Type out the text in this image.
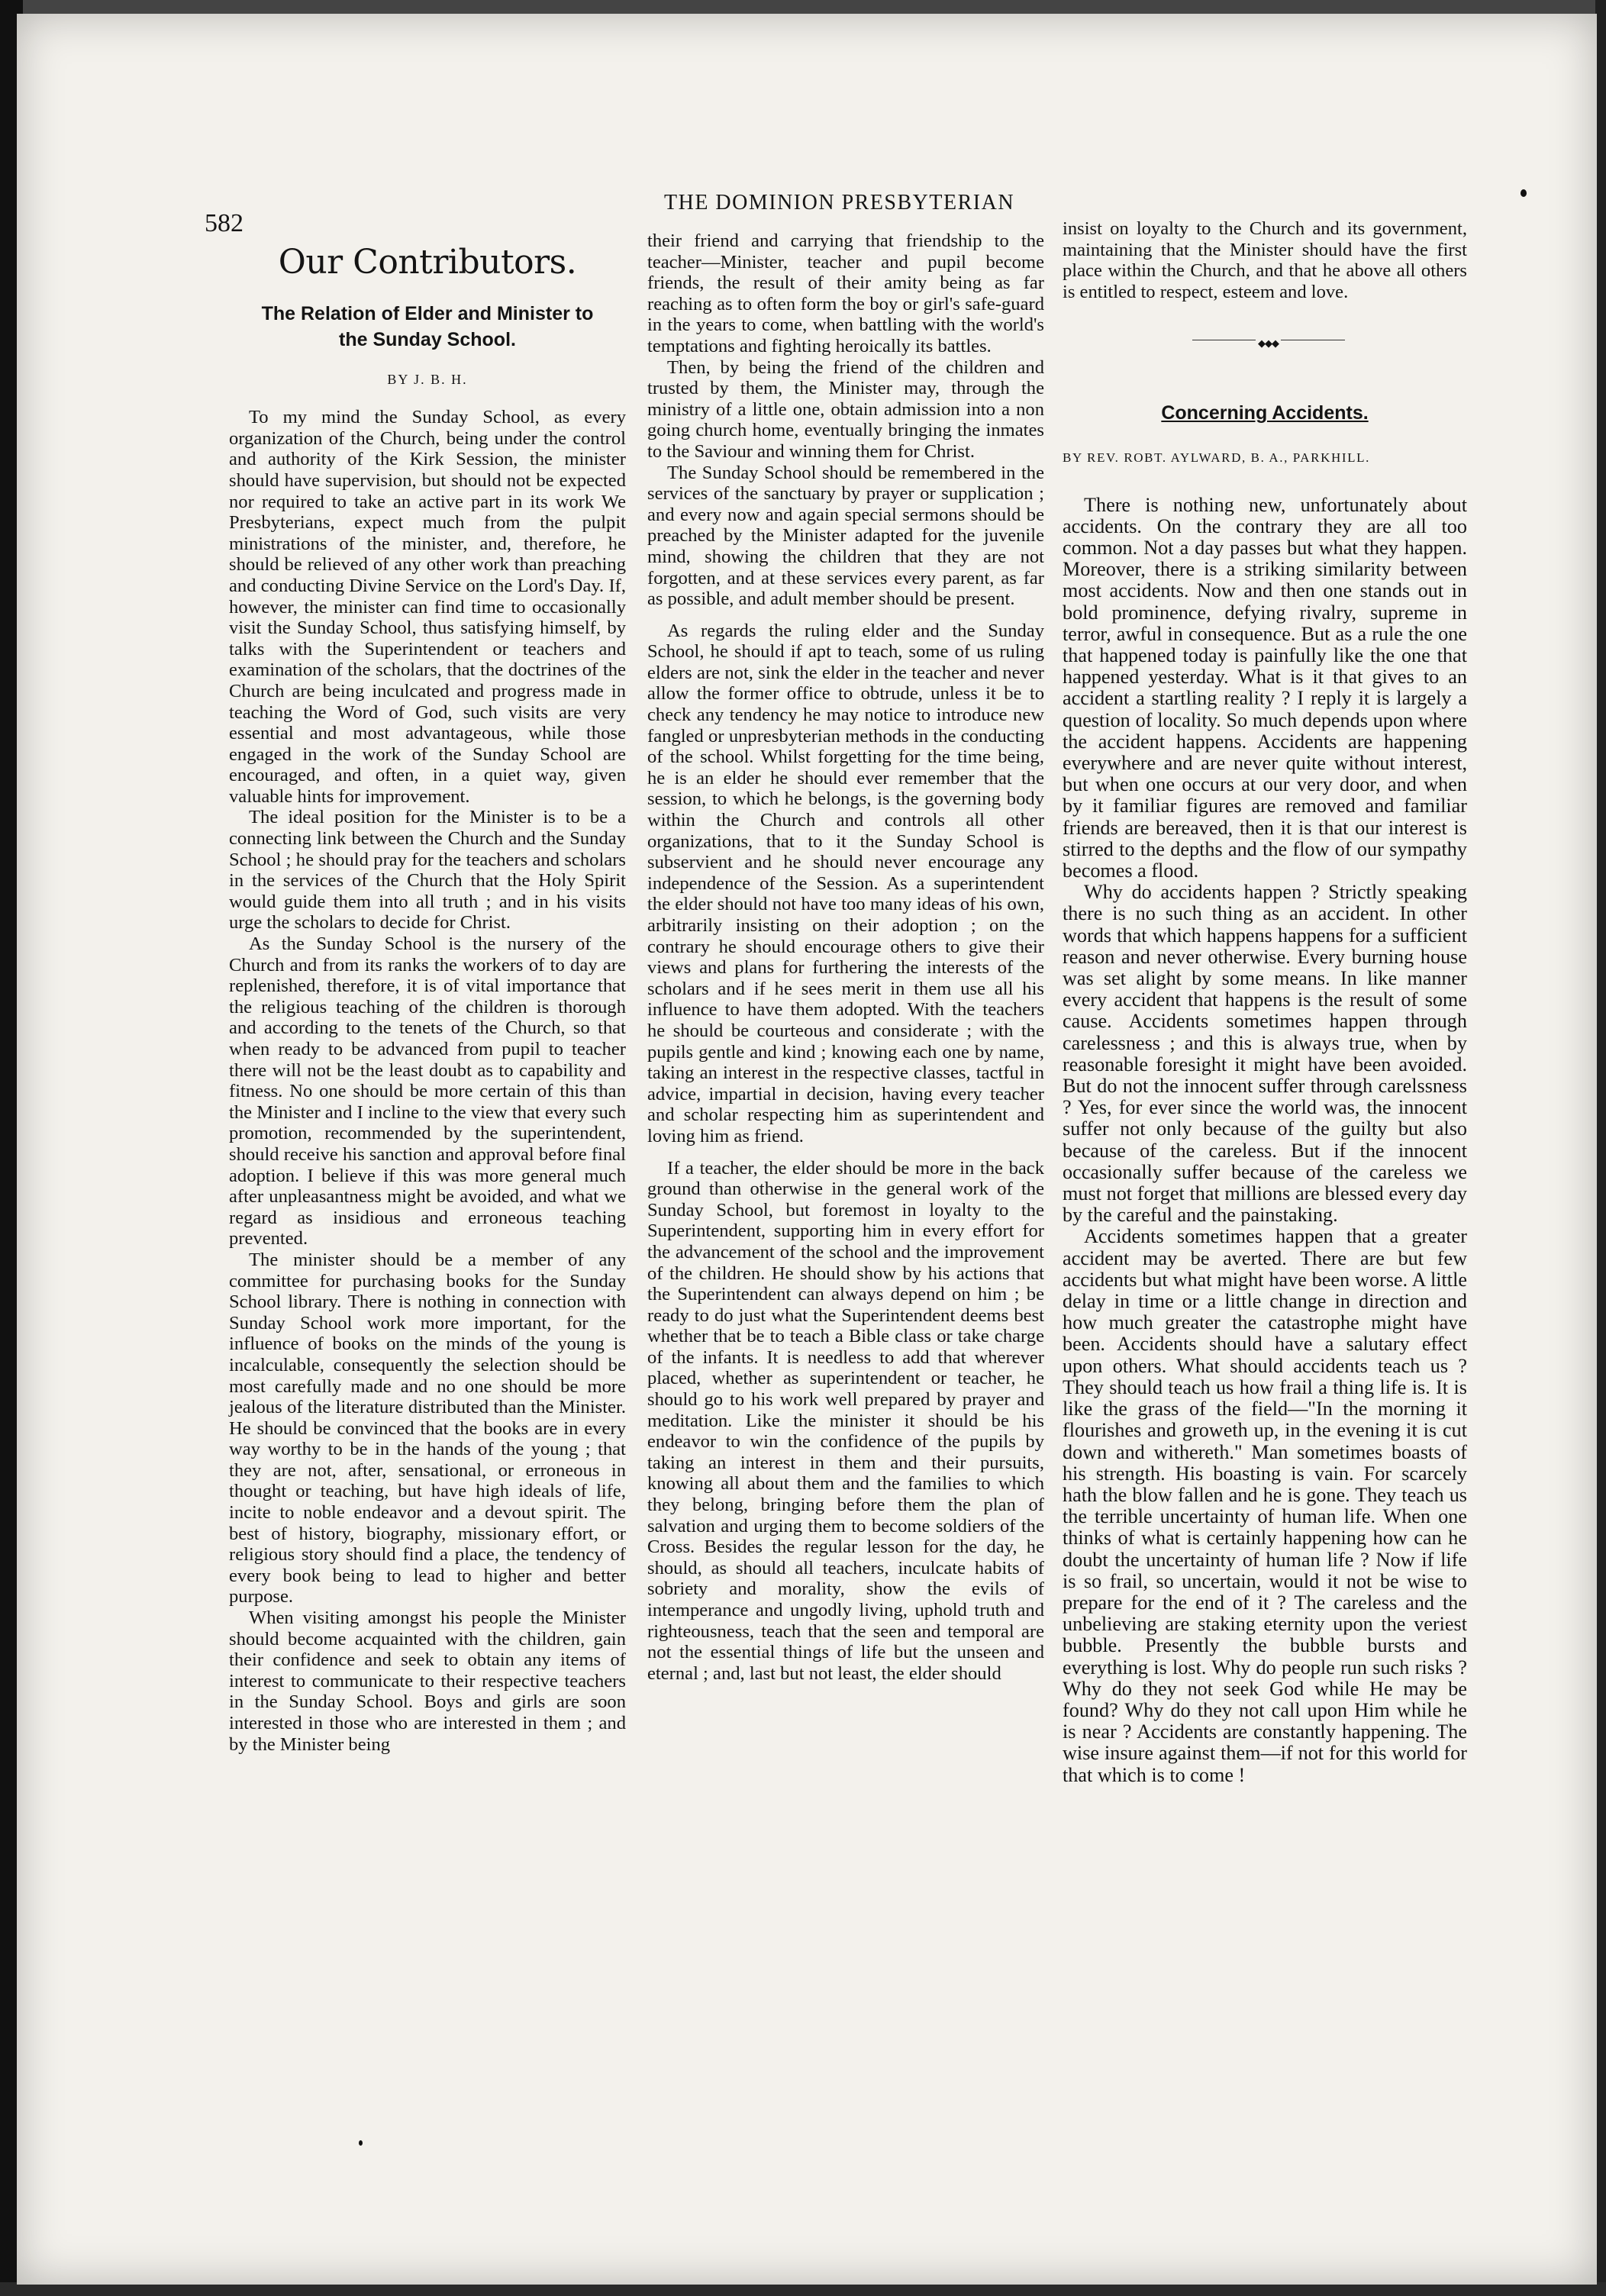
582
THE DOMINION PRESBYTERIAN
Our Contributors.
The Relation of Elder and Minister to
the Sunday School.
BY J. B. H.

To my mind the Sunday School, as every organization of the Church, being under the control and authority of the Kirk Session, the minister should have supervision, but should not be expected nor required to take an active part in its work We Presbyterians, expect much from the pulpit ministrations of the minister, and, therefore, he should be relieved of any other work than preaching and conducting Divine Service on the Lord's Day. If, however, the minister can find time to occasionally visit the Sunday School, thus satisfying himself, by talks with the Superintendent or teachers and examination of the scholars, that the doctrines of the Church are being inculcated and progress made in teaching the Word of God, such visits are very essential and most advantageous, while those engaged in the work of the Sunday School are encouraged, and often, in a quiet way, given valuable hints for improvement.

The ideal position for the Minister is to be a connecting link between the Church and the Sunday School ; he should pray for the teachers and scholars in the services of the Church that the Holy Spirit would guide them into all truth ; and in his visits urge the scholars to decide for Christ.

As the Sunday School is the nursery of the Church and from its ranks the workers of to day are replenished, therefore, it is of vital importance that the religious teaching of the children is thorough and according to the tenets of the Church, so that when ready to be advanced from pupil to teacher there will not be the least doubt as to capability and fitness. No one should be more certain of this than the Minister and I incline to the view that every such promotion, recommended by the superintendent, should receive his sanction and approval before final adoption. I believe if this was more general much after unpleasantness might be avoided, and what we regard as insidious and erroneous teaching prevented.

The minister should be a member of any committee for purchasing books for the Sunday School library. There is nothing in connection with Sunday School work more important, for the influence of books on the minds of the young is incalculable, consequently the selection should be most carefully made and no one should be more jealous of the literature distributed than the Minister. He should be convinced that the books are in every way worthy to be in the hands of the young ; that they are not, after, sensational, or erroneous in thought or teaching, but have high ideals of life, incite to noble endeavor and a devout spirit. The best of history, biography, missionary effort, or religious story should find a place, the tendency of every book being to lead to higher and better purpose.

When visiting amongst his people the Minister should become acquainted with the children, gain their confidence and seek to obtain any items of interest to communicate to their respective teachers in the Sunday School. Boys and girls are soon interested in those who are interested in them ; and by the Minister being

their friend and carrying that friendship to the teacher—Minister, teacher and pupil become friends, the result of their amity being as far reaching as to often form the boy or girl's safe-guard in the years to come, when battling with the world's temptations and fighting heroically its battles.

Then, by being the friend of the children and trusted by them, the Minister may, through the ministry of a little one, obtain admission into a non going church home, eventually bringing the inmates to the Saviour and winning them for Christ.

The Sunday School should be remembered in the services of the sanctuary by prayer or supplication ; and every now and again special sermons should be preached by the Minister adapted for the juvenile mind, showing the children that they are not forgotten, and at these services every parent, as far as possible, and adult member should be present.

As regards the ruling elder and the Sunday School, he should if apt to teach, some of us ruling elders are not, sink the elder in the teacher and never allow the former office to obtrude, unless it be to check any tendency he may notice to introduce new fangled or unpresbyterian methods in the conducting of the school. Whilst forgetting for the time being, he is an elder he should ever remember that the session, to which he belongs, is the governing body within the Church and controls all other organizations, that to it the Sunday School is subservient and he should never encourage any independence of the Session. As a superintendent the elder should not have too many ideas of his own, arbitrarily insisting on their adoption ; on the contrary he should encourage others to give their views and plans for furthering the interests of the scholars and if he sees merit in them use all his influence to have them adopted. With the teachers he should be courteous and considerate ; with the pupils gentle and kind ; knowing each one by name, taking an interest in the respective classes, tactful in advice, impartial in decision, having every teacher and scholar respecting him as superintendent and loving him as friend.

If a teacher, the elder should be more in the back ground than otherwise in the general work of the Sunday School, but foremost in loyalty to the Superintendent, supporting him in every effort for the advancement of the school and the improvement of the children. He should show by his actions that the Superintendent can always depend on him ; be ready to do just what the Superintendent deems best whether that be to teach a Bible class or take charge of the infants. It is needless to add that wherever placed, whether as superintendent or teacher, he should go to his work well prepared by prayer and meditation. Like the minister it should be his endeavor to win the confidence of the pupils by taking an interest in them and their pursuits, knowing all about them and the families to which they belong, bringing before them the plan of salvation and urging them to become soldiers of the Cross. Besides the regular lesson for the day, he should, as should all teachers, inculcate habits of sobriety and morality, show the evils of intemperance and ungodly living, uphold truth and righteousness, teach that the seen and temporal are not the essential things of life but the unseen and eternal ; and, last but not least, the elder should

insist on loyalty to the Church and its government, maintaining that the Minister should have the first place within the Church, and that he above all others is entitled to respect, esteem and love.

◆◆◆
Concerning Accidents.
BY REV. ROBT. AYLWARD, B. A., PARKHILL.

There is nothing new, unfortunately about accidents. On the contrary they are all too common. Not a day passes but what they happen. Moreover, there is a striking similarity between most accidents. Now and then one stands out in bold prominence, defying rivalry, supreme in terror, awful in consequence. But as a rule the one that happened today is painfully like the one that happened yesterday. What is it that gives to an accident a startling reality ? I reply it is largely a question of locality. So much depends upon where the accident happens. Accidents are happening everywhere and are never quite without interest, but when one occurs at our very door, and when by it familiar figures are removed and familiar friends are bereaved, then it is that our interest is stirred to the depths and the flow of our sympathy becomes a flood.

Why do accidents happen ? Strictly speaking there is no such thing as an accident. In other words that which happens happens for a sufficient reason and never otherwise. Every burning house was set alight by some means. In like manner every accident that happens is the result of some cause. Accidents sometimes happen through carelessness ; and this is always true, when by reasonable foresight it might have been avoided. But do not the innocent suffer through carelssness ? Yes, for ever since the world was, the innocent suffer not only because of the guilty but also because of the careless. But if the innocent occasionally suffer because of the careless we must not forget that millions are blessed every day by the careful and the painstaking.

Accidents sometimes happen that a greater accident may be averted. There are but few accidents but what might have been worse. A little delay in time or a little change in direction and how much greater the catastrophe might have been. Accidents should have a salutary effect upon others. What should accidents teach us ? They should teach us how frail a thing life is. It is like the grass of the field—"In the morning it flourishes and groweth up, in the evening it is cut down and withereth." Man sometimes boasts of his strength. His boasting is vain. For scarcely hath the blow fallen and he is gone. They teach us the terrible uncertainty of human life. When one thinks of what is certainly happening how can he doubt the uncertainty of human life ? Now if life is so frail, so uncertain, would it not be wise to prepare for the end of it ? The careless and the unbelieving are staking eternity upon the veriest bubble. Presently the bubble bursts and everything is lost. Why do people run such risks ? Why do they not seek God while He may be found? Why do they not call upon Him while he is near ? Accidents are constantly happening. The wise insure against them—if not for this world for that which is to come !
